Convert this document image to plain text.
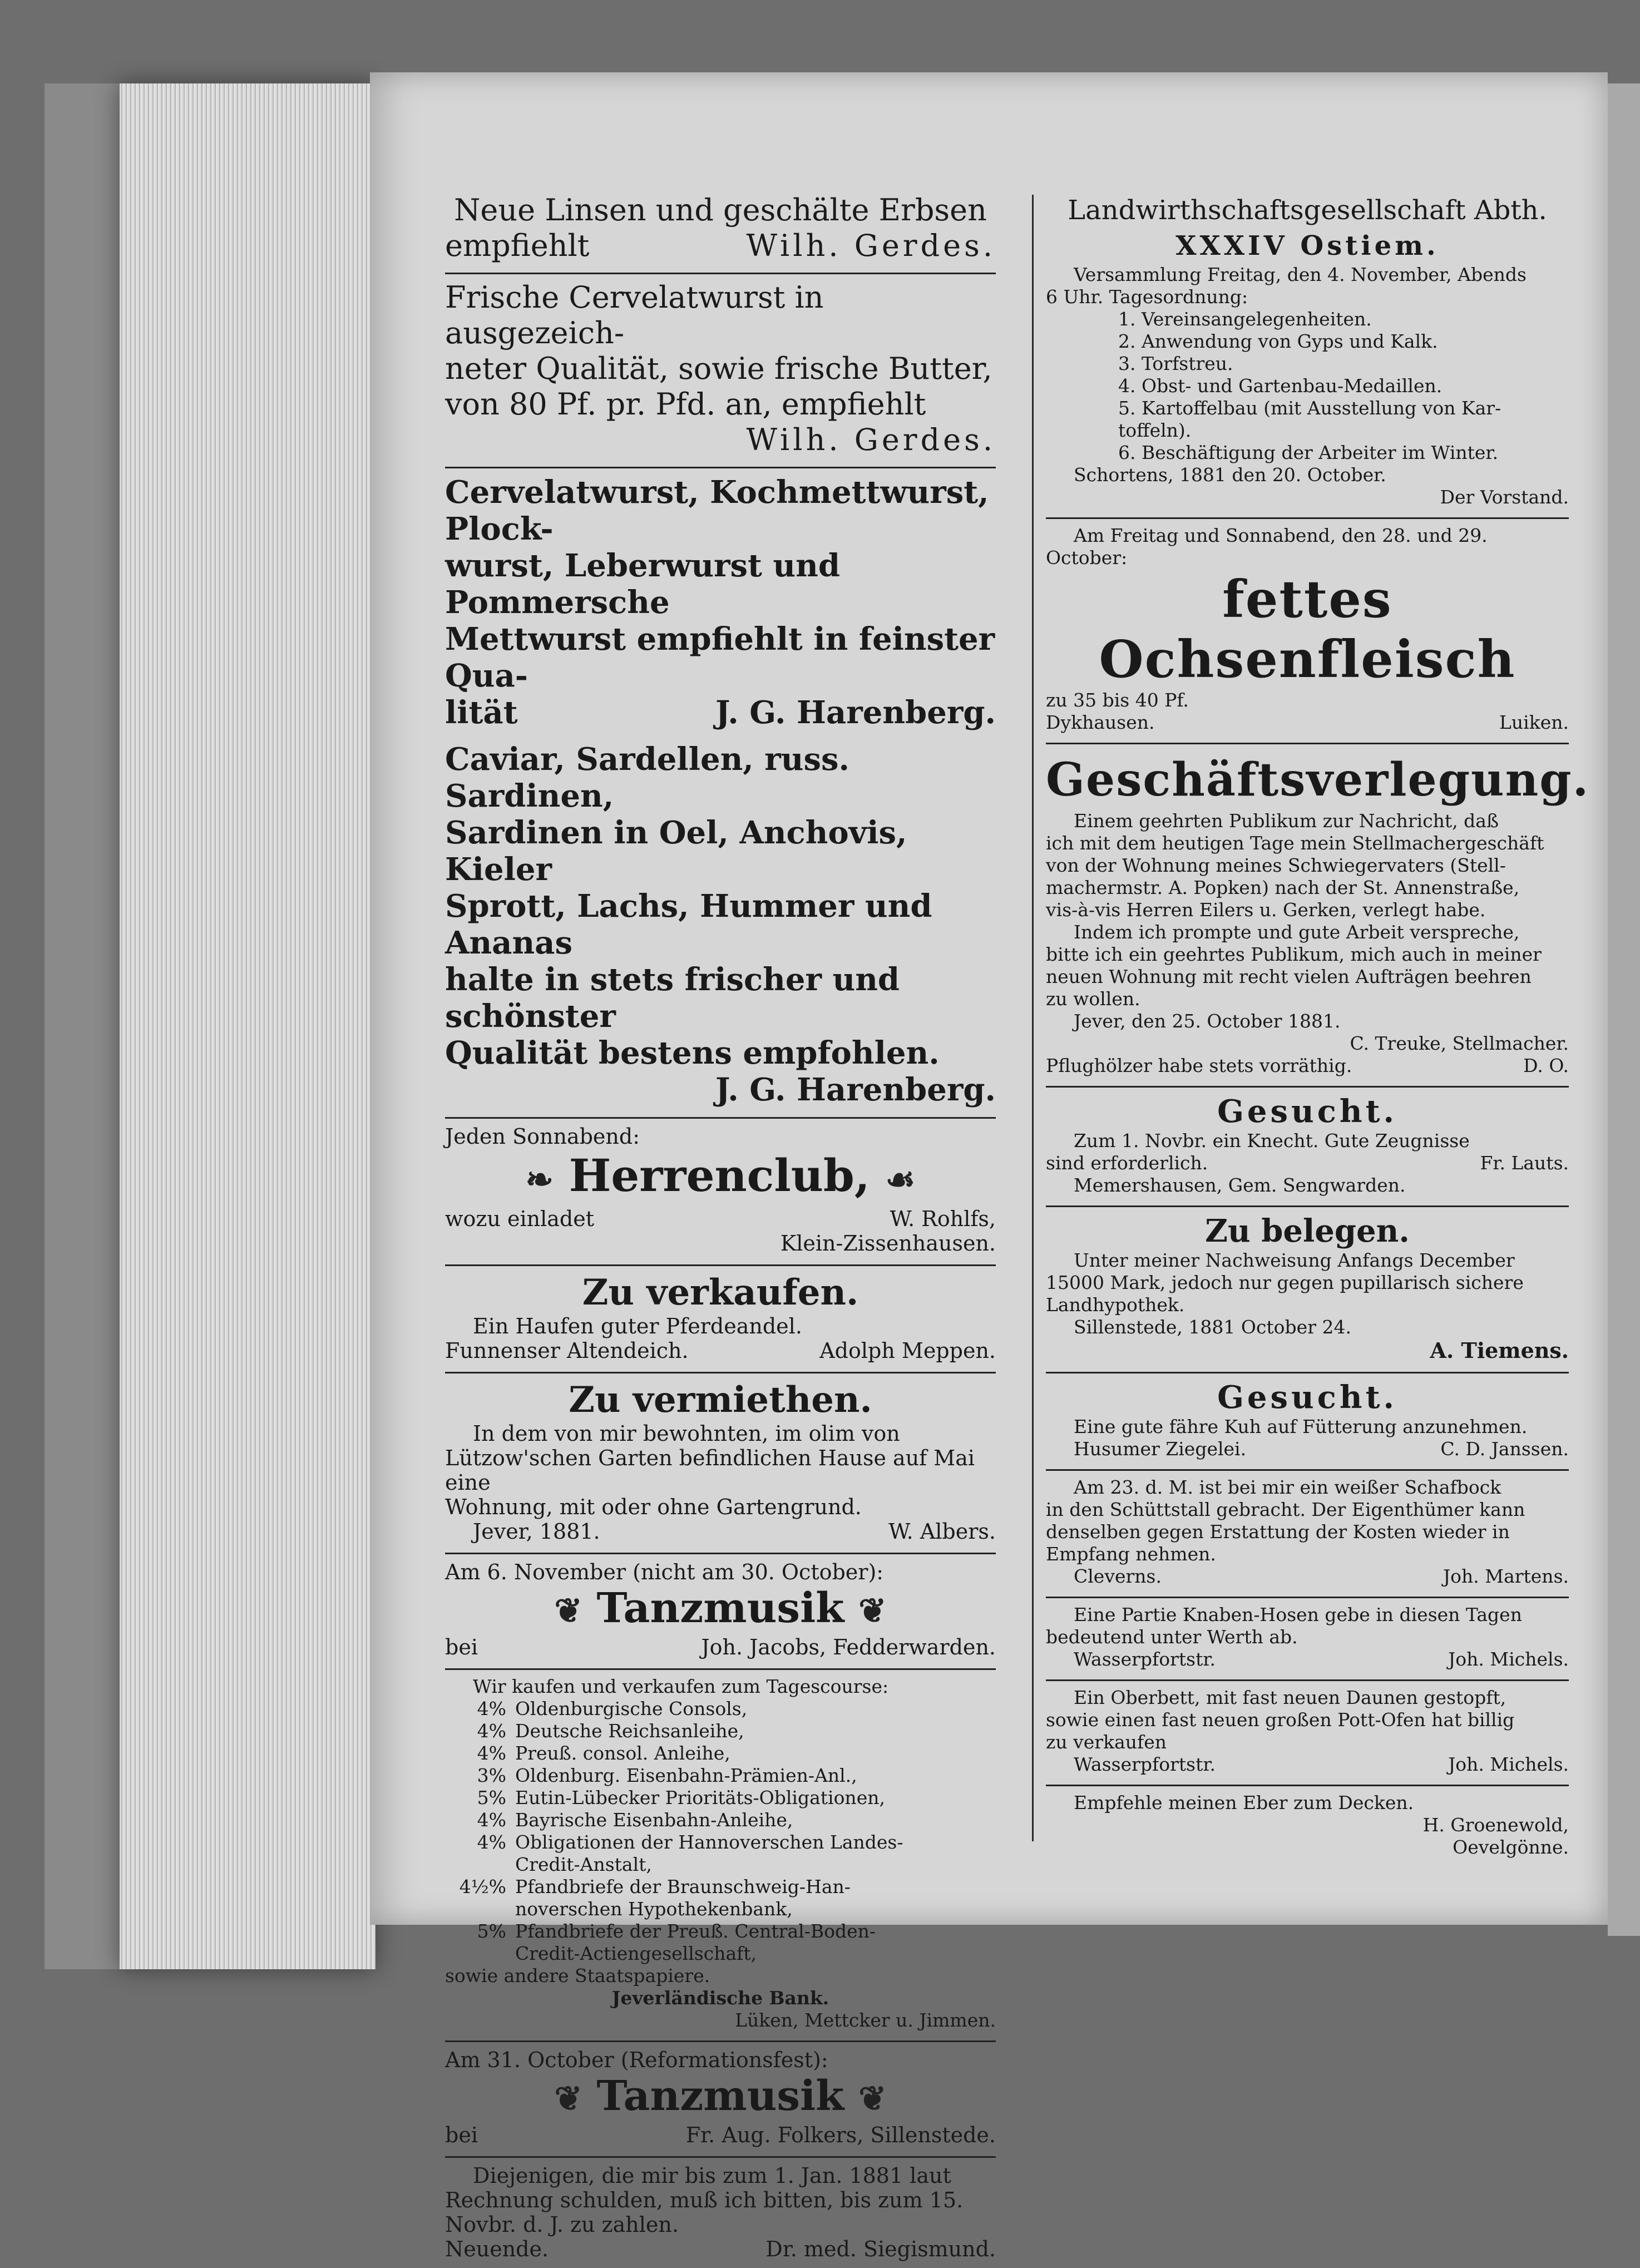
Neue Linsen und geschälte Erbsen
empfiehlt	Wilh. Gerdes.
Frische Cervelatwurst in ausgezeich-
neter Qualität, sowie frische Butter,
von 80 Pf. pr. Pfd. an, empfiehlt
Wilh. Gerdes.
Cervelatwurst, Kochmettwurst, Plock-
wurst, Leberwurst und Pommersche
Mettwurst empfiehlt in feinster Qua-
lität	J. G. Harenberg.
Caviar, Sardellen, russ. Sardinen,
Sardinen in Oel, Anchovis, Kieler
Sprott, Lachs, Hummer und Ananas
halte in stets frischer und schönster
Qualität bestens empfohlen.
J. G. Harenberg.
Jeden Sonnabend:
❧ Herrenclub, ☙
wozu einladet	W. Rohlfs,
Klein-Zissenhausen.
Zu verkaufen.
Ein Haufen guter Pferdeandel.
Funnenser Altendeich.	Adolph Meppen.
Zu vermiethen.
In dem von mir bewohnten, im olim von
Lützow'schen Garten befindlichen Hause auf Mai eine
Wohnung, mit oder ohne Gartengrund.
Jever, 1881.	W. Albers.
Am 6. November (nicht am 30. October):
❦ Tanzmusik ❦
bei	Joh. Jacobs, Fedderwarden.
Wir kaufen und verkaufen zum Tagescourse:
4% Oldenburgische Consols,
4% Deutsche Reichsanleihe,
4% Preuß. consol. Anleihe,
3% Oldenburg. Eisenbahn-Prämien-Anl.,
5% Eutin-Lübecker Prioritäts-Obligationen,
4% Bayrische Eisenbahn-Anleihe,
4% Obligationen der Hannoverschen Landes-
Credit-Anstalt,
4½% Pfandbriefe der Braunschweig-Han-
noverschen Hypothekenbank,
5% Pfandbriefe der Preuß. Central-Boden-
Credit-Actiengesellschaft,
sowie andere Staatspapiere.
Jeverländische Bank.
Lüken, Mettcker u. Jimmen.
Am 31. October (Reformationsfest):
❦ Tanzmusik ❦
bei	Fr. Aug. Folkers, Sillenstede.
Diejenigen, die mir bis zum 1. Jan. 1881 laut
Rechnung schulden, muß ich bitten, bis zum 15.
Novbr. d. J. zu zahlen.
Neuende.	Dr. med. Siegismund.
Landwirthschaftsgesellschaft Abth.
XXXIV Ostiem.
Versammlung Freitag, den 4. November, Abends
6 Uhr. Tagesordnung:
1. Vereinsangelegenheiten.
2. Anwendung von Gyps und Kalk.
3. Torfstreu.
4. Obst- und Gartenbau-Medaillen.
5. Kartoffelbau (mit Ausstellung von Kar-
toffeln).
6. Beschäftigung der Arbeiter im Winter.
Schortens, 1881 den 20. October.
Der Vorstand.
Am Freitag und Sonnabend, den 28. und 29.
October:
fettes Ochsenfleisch
zu 35 bis 40 Pf.
Dykhausen.	Luiken.
Geschäftsverlegung.
Einem geehrten Publikum zur Nachricht, daß
ich mit dem heutigen Tage mein Stellmachergeschäft
von der Wohnung meines Schwiegervaters (Stell-
machermstr. A. Popken) nach der St. Annenstraße,
vis-à-vis Herren Eilers u. Gerken, verlegt habe.
Indem ich prompte und gute Arbeit verspreche,
bitte ich ein geehrtes Publikum, mich auch in meiner
neuen Wohnung mit recht vielen Aufträgen beehren
zu wollen.
Jever, den 25. October 1881.
C. Treuke, Stellmacher.
Pflughölzer habe stets vorräthig.	D. O.
Gesucht.
Zum 1. Novbr. ein Knecht. Gute Zeugnisse
sind erforderlich.	Fr. Lauts.
Memershausen, Gem. Sengwarden.
Zu belegen.
Unter meiner Nachweisung Anfangs December
15000 Mark, jedoch nur gegen pupillarisch sichere
Landhypothek.
Sillenstede, 1881 October 24.
A. Tiemens.
Gesucht.
Eine gute fähre Kuh auf Fütterung anzunehmen.
Husumer Ziegelei.	C. D. Janssen.
Am 23. d. M. ist bei mir ein weißer Schafbock
in den Schüttstall gebracht. Der Eigenthümer kann
denselben gegen Erstattung der Kosten wieder in
Empfang nehmen.
Cleverns.	Joh. Martens.
Eine Partie Knaben-Hosen gebe in diesen Tagen
bedeutend unter Werth ab.
Wasserpfortstr.	Joh. Michels.
Ein Oberbett, mit fast neuen Daunen gestopft,
sowie einen fast neuen großen Pott-Ofen hat billig
zu verkaufen
Wasserpfortstr.	Joh. Michels.
Empfehle meinen Eber zum Decken.
H. Groenewold,
Oevelgönne.
